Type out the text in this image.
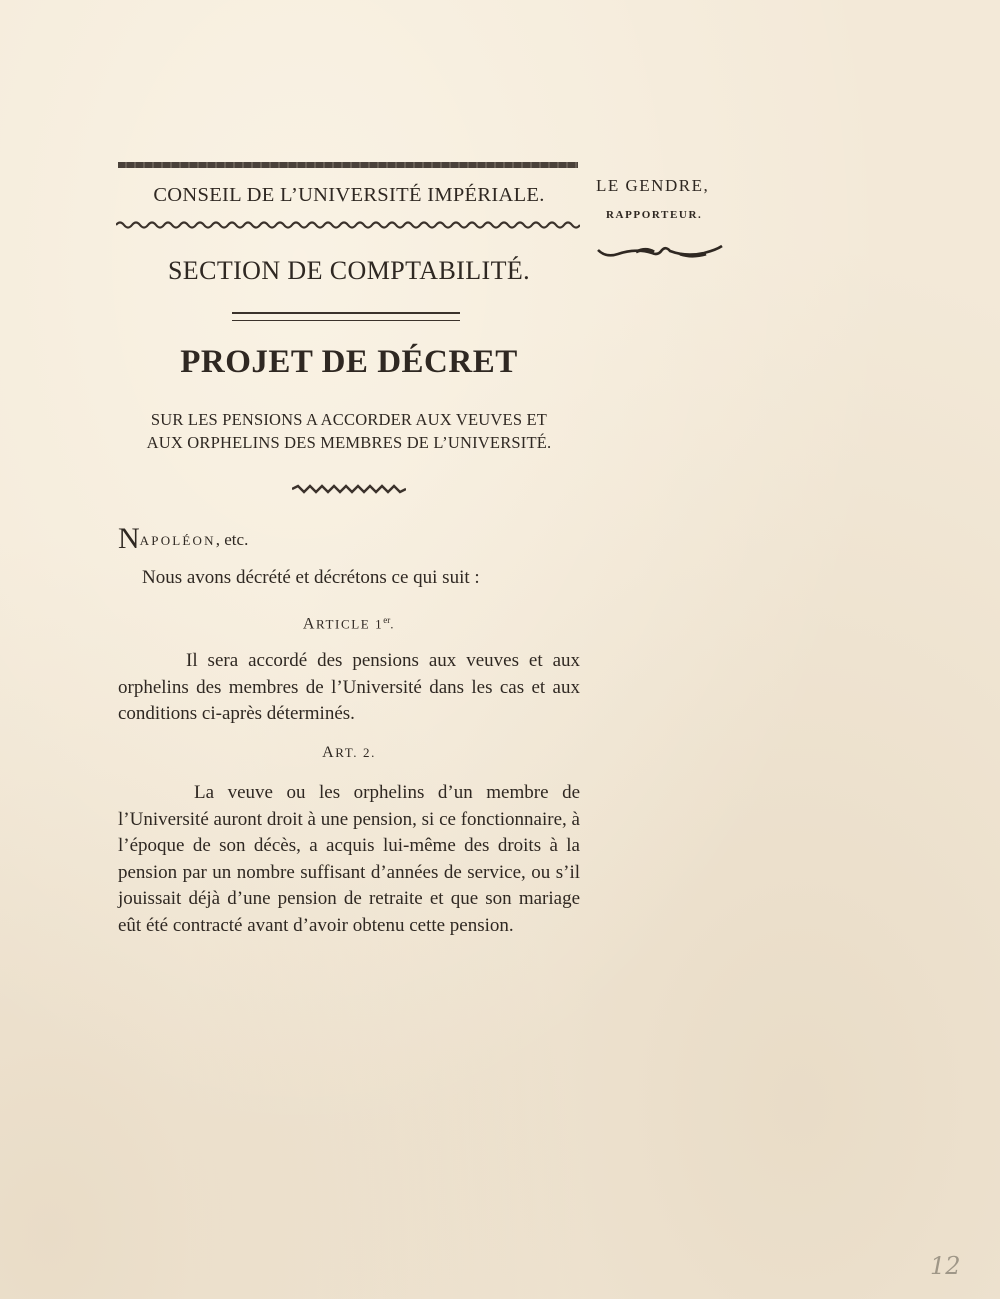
CONSEIL DE L’UNIVERSITÉ IMPÉRIALE.
SECTION DE COMPTABILITÉ.
PROJET DE DÉCRET
SUR LES PENSIONS A ACCORDER AUX VEUVES ET
AUX ORPHELINS DES MEMBRES DE L’UNIVERSITÉ.
NAPOLÉON, etc.
Nous avons décrété et décrétons ce qui suit :
ARTICLE 1er.
Il sera accordé des pensions aux veuves et aux orphelins des membres de l’Université dans les cas et aux conditions ci-après déterminés.
ART. 2.
La veuve ou les orphelins d’un membre de l’Université auront droit à une pension, si ce fonctionnaire, à l’époque de son décès, a acquis lui-même des droits à la pension par un nombre suffisant d’années de service, ou s’il jouissait déjà d’une pension de retraite et que son mariage eût été contracté avant d’avoir obtenu cette pension.
LE GENDRE,
RAPPORTEUR.
12
